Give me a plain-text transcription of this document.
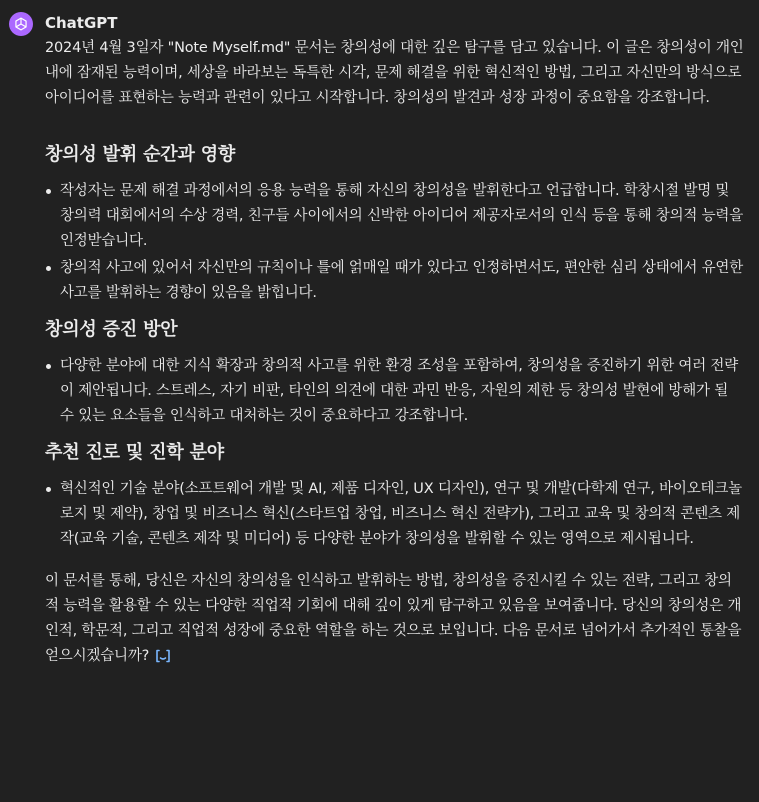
ChatGPT

2024년 4월 3일자 "Note Myself.md" 문서는 창의성에 대한 깊은 탐구를 담고 있습니다. 이 글은 창의성이 개인 내에 잠재된 능력이며, 세상을 바라보는 독특한 시각, 문제 해결을 위한 혁신적인 방법, 그리고 자신만의 방식으로 아이디어를 표현하는 능력과 관련이 있다고 시작합니다. 창의성의 발견과 성장 과정이 중요함을 강조합니다.

창의성 발휘 순간과 영향
작성자는 문제 해결 과정에서의 응용 능력을 통해 자신의 창의성을 발휘한다고 언급합니다. 학창시절 발명 및 창의력 대회에서의 수상 경력, 친구들 사이에서의 신박한 아이디어 제공자로서의 인식 등을 통해 창의적 능력을 인정받습니다.
창의적 사고에 있어서 자신만의 규칙이나 틀에 얽매일 때가 있다고 인정하면서도, 편안한 심리 상태에서 유연한 사고를 발휘하는 경향이 있음을 밝힙니다.
창의성 증진 방안
다양한 분야에 대한 지식 확장과 창의적 사고를 위한 환경 조성을 포함하여, 창의성을 증진하기 위한 여러 전략이 제안됩니다. 스트레스, 자기 비판, 타인의 의견에 대한 과민 반응, 자원의 제한 등 창의성 발현에 방해가 될 수 있는 요소들을 인식하고 대처하는 것이 중요하다고 강조합니다.
추천 진로 및 진학 분야
혁신적인 기술 분야(소프트웨어 개발 및 AI, 제품 디자인, UX 디자인), 연구 및 개발(다학제 연구, 바이오테크놀로지 및 제약), 창업 및 비즈니스 혁신(스타트업 창업, 비즈니스 혁신 전략가), 그리고 교육 및 창의적 콘텐츠 제작(교육 기술, 콘텐츠 제작 및 미디어) 등 다양한 분야가 창의성을 발휘할 수 있는 영역으로 제시됩니다.

이 문서를 통해, 당신은 자신의 창의성을 인식하고 발휘하는 방법, 창의성을 증진시킬 수 있는 전략, 그리고 창의적 능력을 활용할 수 있는 다양한 직업적 기회에 대해 깊이 있게 탐구하고 있음을 보여줍니다. 당신의 창의성은 개인적, 학문적, 그리고 직업적 성장에 중요한 역할을 하는 것으로 보입니다. 다음 문서로 넘어가서 추가적인 통찰을 얻으시겠습니까?
